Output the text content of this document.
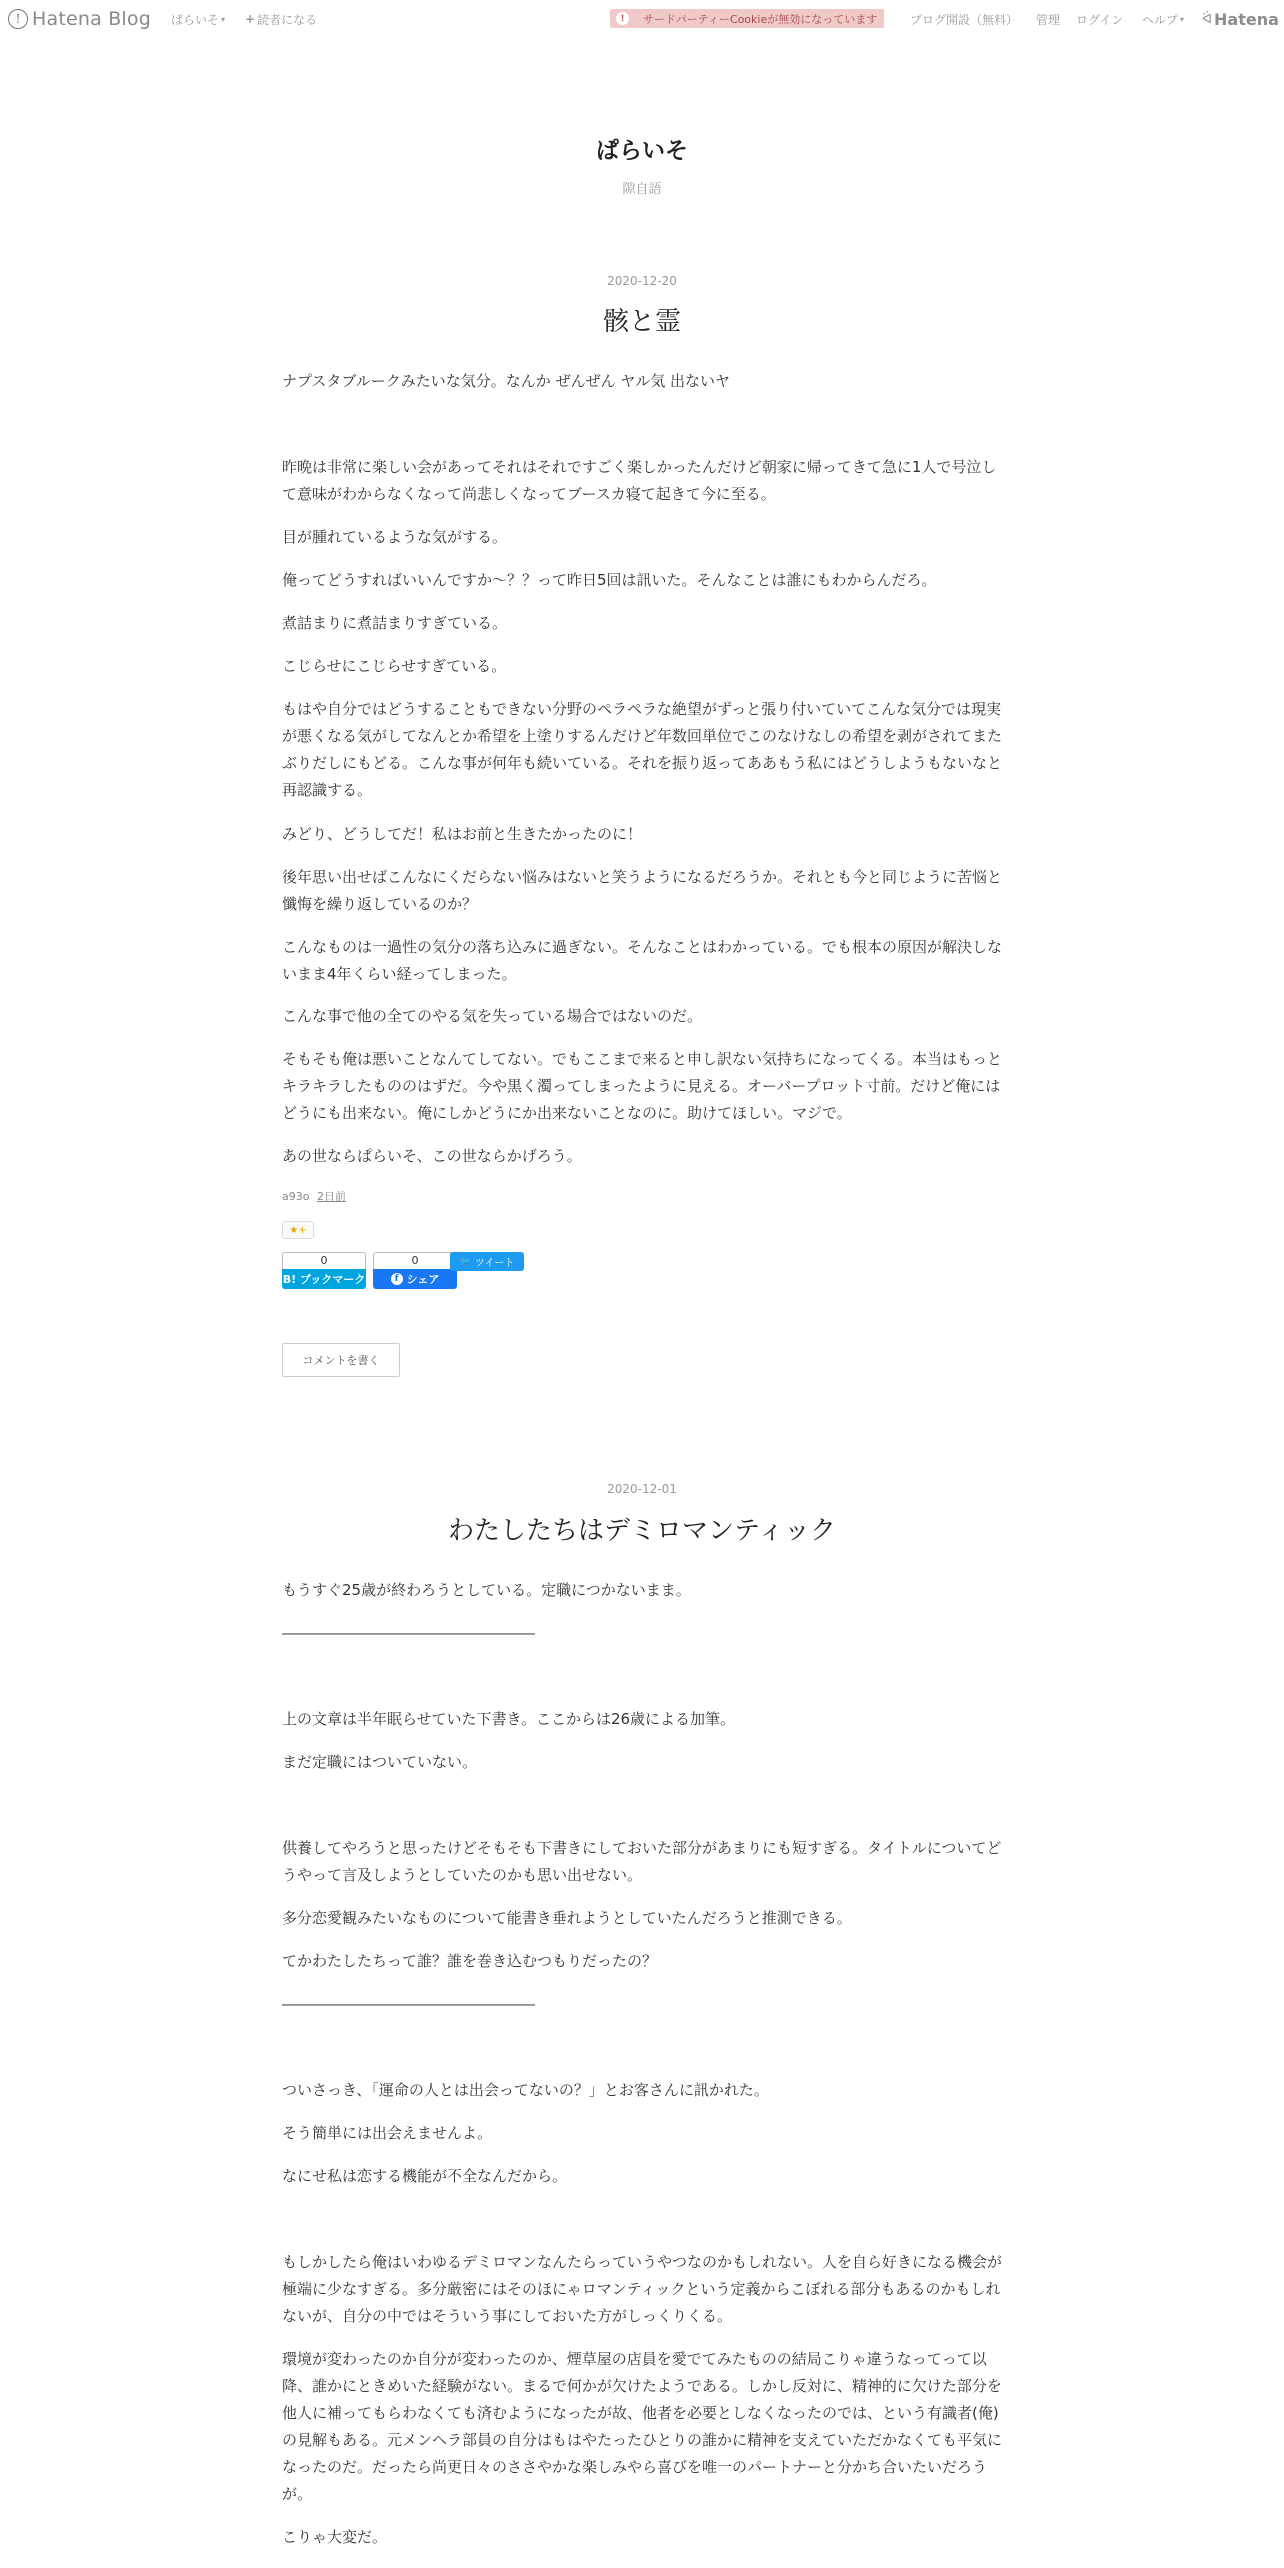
! Hatena Blog ぱらいそ ▾ + 読者になる	!	サードパーティーCookieが無効になっています	ブログ開設（無料） 管理 ログイン ヘルプ ▾ ᐛ Hatena
ぱらいそ
隙自語
2020-12-20
骸と霊
ナプスタブルークみたいな気分。なんか ぜんぜん ヤル気 出ないヤ
昨晩は非常に楽しい会があってそれはそれですごく楽しかったんだけど朝家に帰ってきて急に1人で号泣して意味がわからなくなって尚悲しくなってブースカ寝て起きて今に至る。
目が腫れているような気がする。
俺ってどうすればいいんですか〜？？って昨日5回は訊いた。そんなことは誰にもわからんだろ。
煮詰まりに煮詰まりすぎている。
こじらせにこじらせすぎている。
もはや自分ではどうすることもできない分野のペラペラな絶望がずっと張り付いていてこんな気分では現実が悪くなる気がしてなんとか希望を上塗りするんだけど年数回単位でこのなけなしの希望を剥がされてまたぶりだしにもどる。こんな事が何年も続いている。それを振り返ってああもう私にはどうしようもないなと再認識する。
みどり、どうしてだ！私はお前と生きたかったのに！
後年思い出せばこんなにくだらない悩みはないと笑うようになるだろうか。それとも今と同じように苦悩と懺悔を繰り返しているのか？
こんなものは一過性の気分の落ち込みに過ぎない。そんなことはわかっている。でも根本の原因が解決しないまま4年くらい経ってしまった。
こんな事で他の全てのやる気を失っている場合ではないのだ。
そもそも俺は悪いことなんてしてない。でもここまで来ると申し訳ない気持ちになってくる。本当はもっとキラキラしたもののはずだ。今や黒く濁ってしまったように見える。オーバープロット寸前。だけど俺にはどうにも出来ない。俺にしかどうにか出来ないことなのに。助けてほしい。マジで。
あの世ならぱらいそ、この世ならかげろう。
a93o 2日前
★+
0
B! ブックマーク
0
f シェア
🐦 ツイート
コメントを書く
2020-12-01
わたしたちはデミロマンティック
もうすぐ25歳が終わろうとしている。定職につかないまま。
――――――――――――――――――
上の文章は半年眠らせていた下書き。ここからは26歳による加筆。
まだ定職にはついていない。
供養してやろうと思ったけどそもそも下書きにしておいた部分があまりにも短すぎる。タイトルについてどうやって言及しようとしていたのかも思い出せない。
多分恋愛観みたいなものについて能書き垂れようとしていたんだろうと推測できる。
てかわたしたちって誰？誰を巻き込むつもりだったの？
――――――――――――――――――
ついさっき、「運命の人とは出会ってないの？」とお客さんに訊かれた。
そう簡単には出会えませんよ。
なにせ私は恋する機能が不全なんだから。
もしかしたら俺はいわゆるデミロマンなんたらっていうやつなのかもしれない。人を自ら好きになる機会が極端に少なすぎる。多分厳密にはそのほにゃロマンティックという定義からこぼれる部分もあるのかもしれないが、自分の中ではそういう事にしておいた方がしっくりくる。
環境が変わったのか自分が変わったのか、煙草屋の店員を愛でてみたものの結局こりゃ違うなってって以降、誰かにときめいた経験がない。まるで何かが欠けたようである。しかし反対に、精神的に欠けた部分を他人に補ってもらわなくても済むようになったが故、他者を必要としなくなったのでは、という有識者(俺)の見解もある。元メンヘラ部員の自分はもはやたったひとりの誰かに精神を支えていただかなくても平気になったのだ。だったら尚更日々のささやかな楽しみやら喜びを唯一のパートナーと分かち合いたいだろうが。
こりゃ大変だ。
